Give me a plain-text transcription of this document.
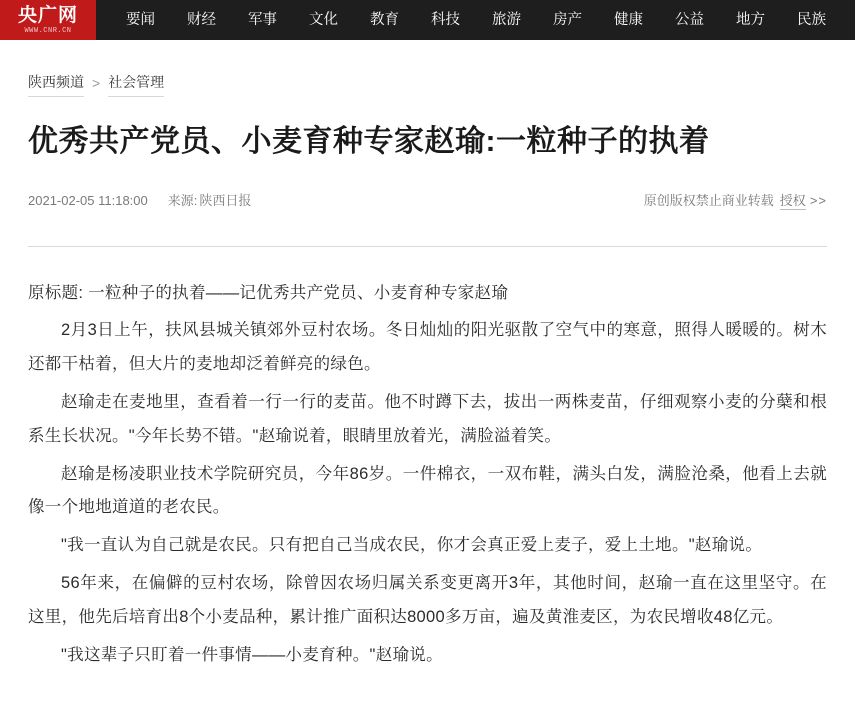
央广网
WWW.CNR.CN
要闻	财经	军事	文化	教育	科技	旅游	房产	健康	公益	地方	民族
陕西频道 > 社会管理
优秀共产党员、小麦育种专家赵瑜:一粒种子的执着
2021-02-05 11:18:00 来源: 陕西日报	原创版权禁止商业转载 授权 >>

原标题: 一粒种子的执着——记优秀共产党员、小麦育种专家赵瑜

2月3日上午，扶风县城关镇郊外豆村农场。冬日灿灿的阳光驱散了空气中的寒意，照得人暖暖的。树木还都干枯着，但大片的麦地却泛着鲜亮的绿色。

赵瑜走在麦地里，查看着一行一行的麦苗。他不时蹲下去，拔出一两株麦苗，仔细观察小麦的分蘖和根系生长状况。"今年长势不错。"赵瑜说着，眼睛里放着光，满脸溢着笑。

赵瑜是杨凌职业技术学院研究员，今年86岁。一件棉衣，一双布鞋，满头白发，满脸沧桑，他看上去就像一个地地道道的老农民。

"我一直认为自己就是农民。只有把自己当成农民，你才会真正爱上麦子，爱上土地。"赵瑜说。

56年来，在偏僻的豆村农场，除曾因农场归属关系变更离开3年，其他时间，赵瑜一直在这里坚守。在这里，他先后培育出8个小麦品种，累计推广面积达8000多万亩，遍及黄淮麦区，为农民增收48亿元。

"我这辈子只盯着一件事情——小麦育种。"赵瑜说。
